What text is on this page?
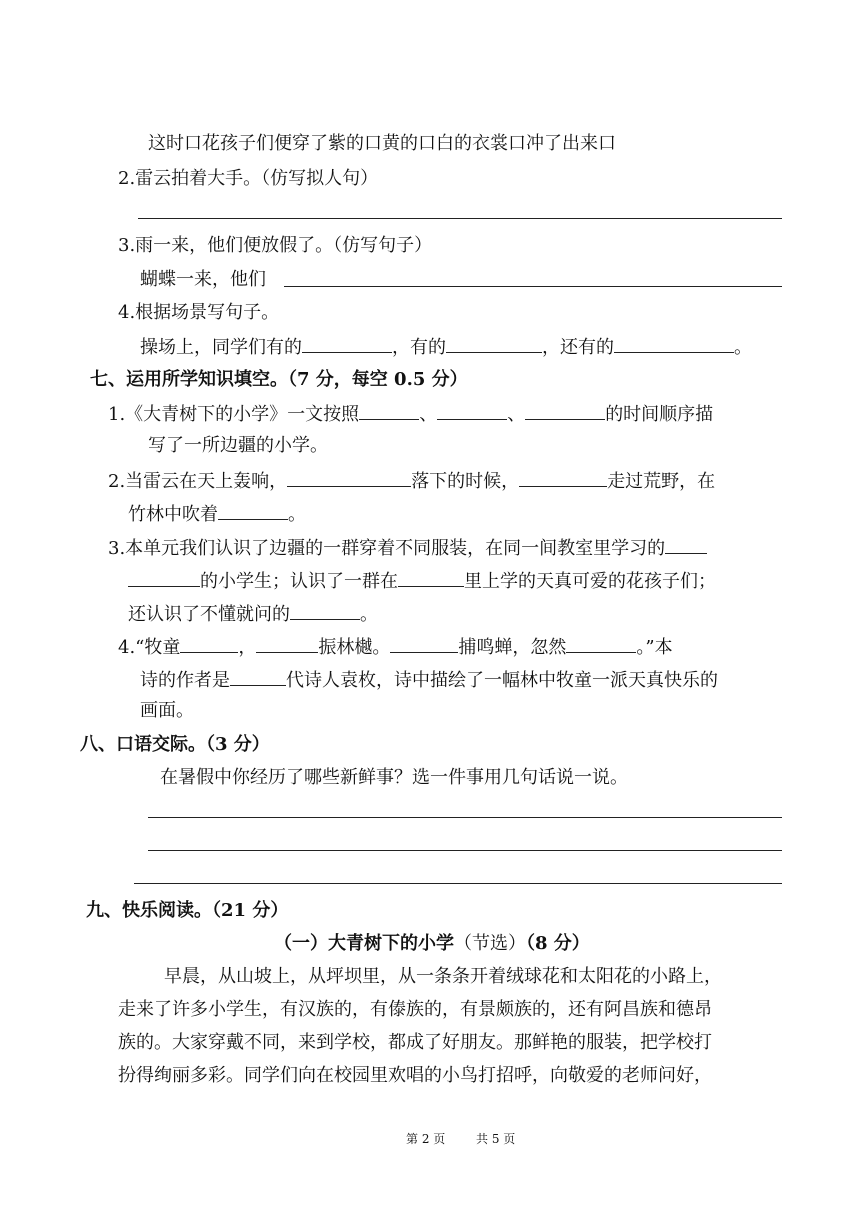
这时口花孩子们便穿了紫的口黄的口白的衣裳口冲了出来口
2.雷云拍着大手。（仿写拟人句）
3.雨一来，他们便放假了。（仿写句子）
蝴蝶一来，他们
4.根据场景写句子。
操场上，同学们有的	，有的	，还有的	。
七、运用所学知识填空。（7 分，每空 0.5 分）
1.《大青树下的小学》一文按照	、	、	的时间顺序描
写了一所边疆的小学。
2.当雷云在天上轰响，	落下的时候，	走过荒野，在
竹林中吹着	。
3.本单元我们认识了边疆的一群穿着不同服装，在同一间教室里学习的
的小学生；认识了一群在	里上学的天真可爱的花孩子们；
还认识了不懂就问的	。
4.“牧童	，	振林樾。	捕鸣蝉，忽然	。”本
诗的作者是	代诗人袁枚，诗中描绘了一幅林中牧童一派天真快乐的
画面。
八、口语交际。（3 分）
在暑假中你经历了哪些新鲜事？选一件事用几句话说一说。
九、快乐阅读。（21 分）
（一）大青树下的小学（节选）（8 分）
早晨，从山坡上，从坪坝里，从一条条开着绒球花和太阳花的小路上，
走来了许多小学生，有汉族的，有傣族的，有景颇族的，还有阿昌族和德昂
族的。大家穿戴不同，来到学校，都成了好朋友。那鲜艳的服装，把学校打
扮得绚丽多彩。同学们向在校园里欢唱的小鸟打招呼，向敬爱的老师问好，
第 2 页	共 5 页
